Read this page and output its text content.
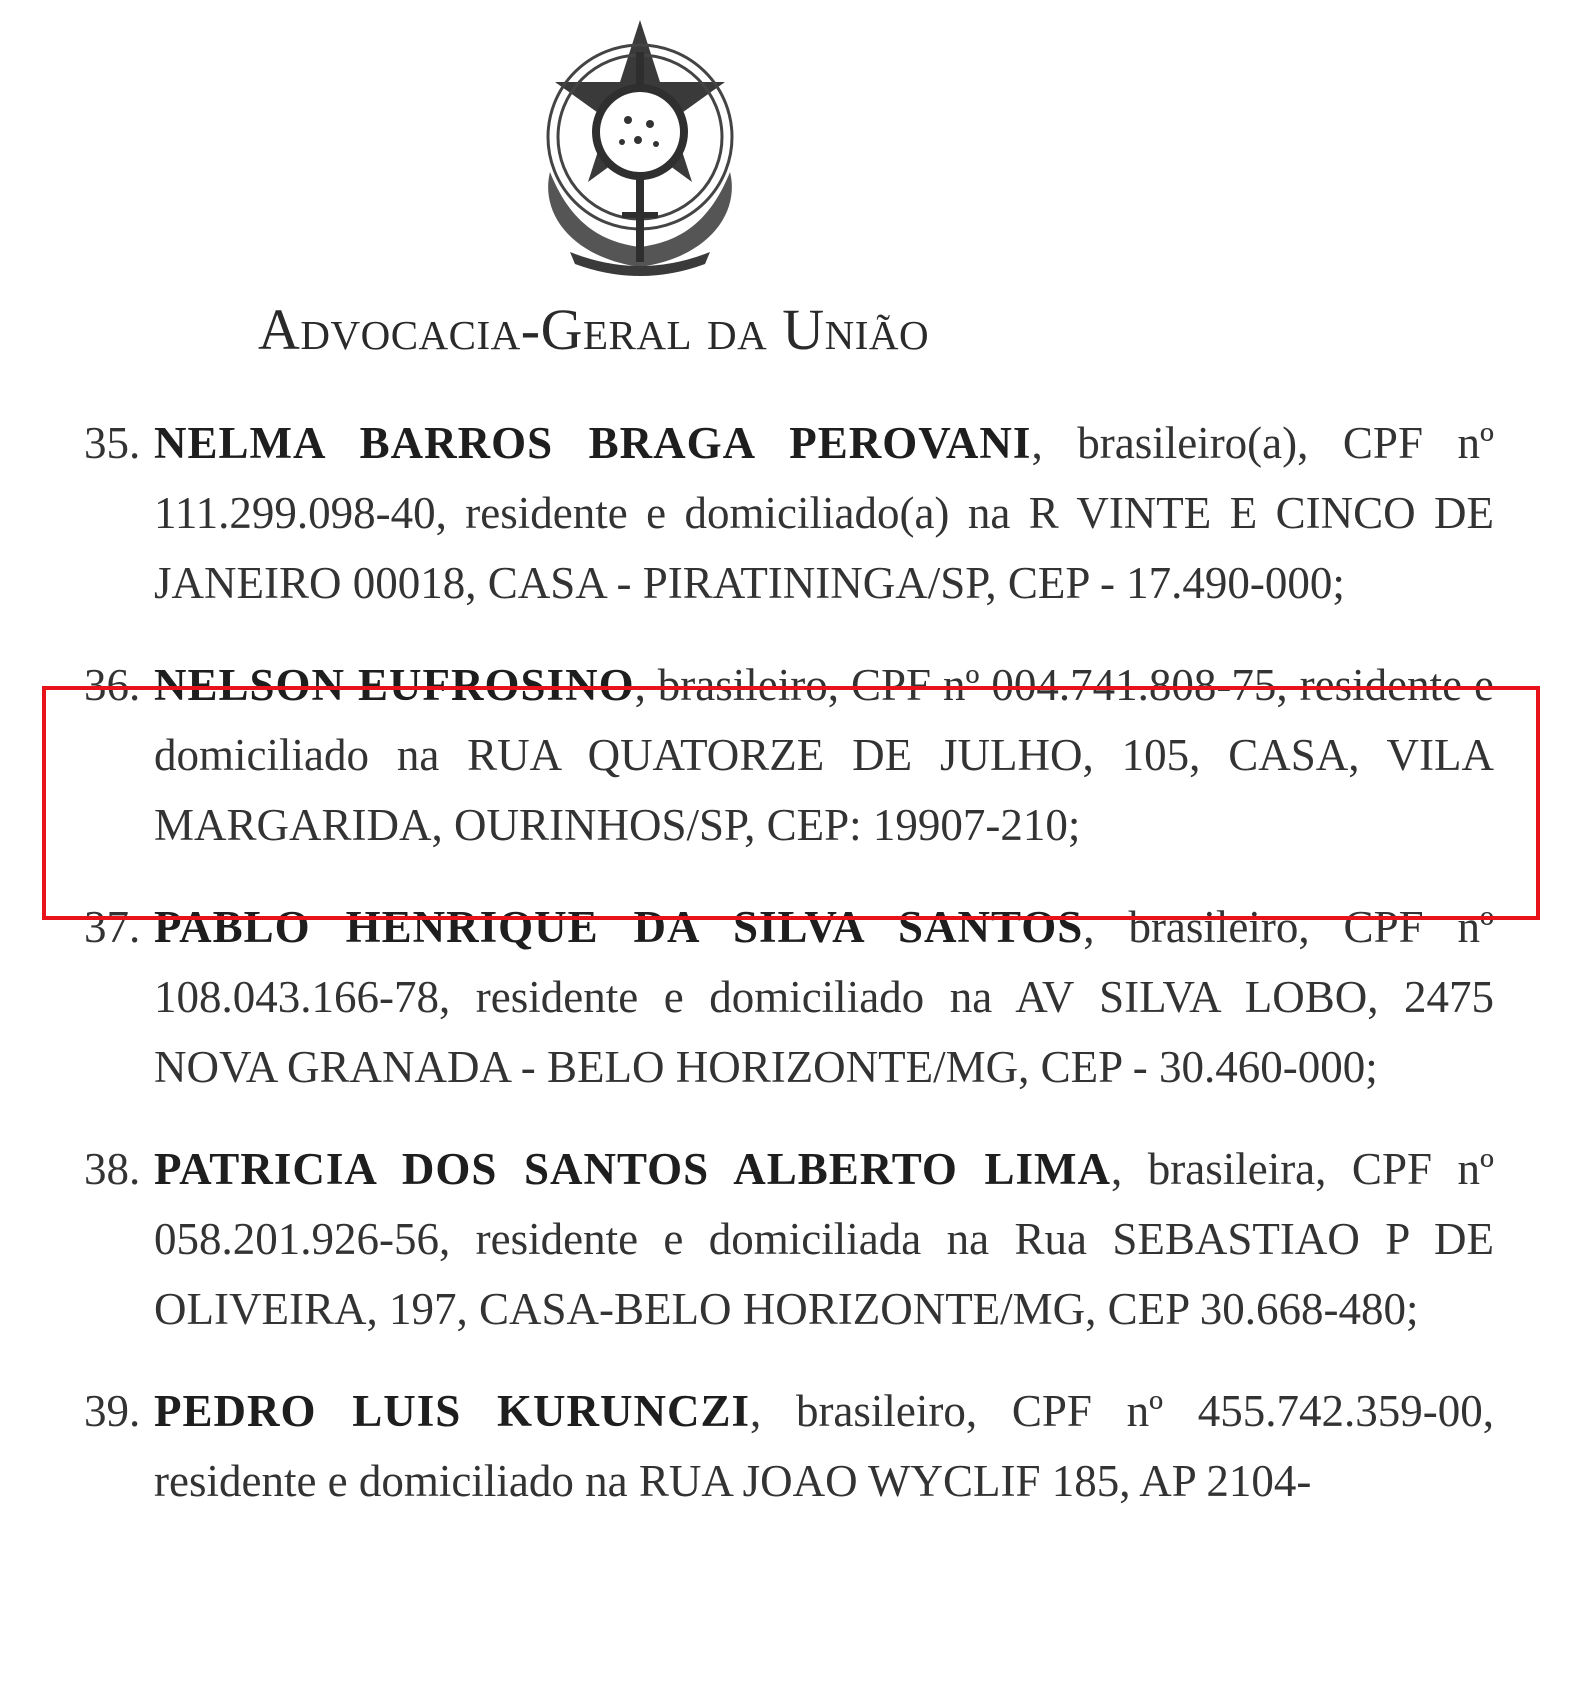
Advocacia-Geral da União
35. NELMA BARROS BRAGA PEROVANI, brasileiro(a), CPF nº 111.299.098-40, residente e domiciliado(a) na R VINTE E CINCO DE JANEIRO 00018, CASA - PIRATININGA/SP, CEP - 17.490-000;
36. NELSON EUFROSINO, brasileiro, CPF nº 004.741.808-75, residente e domiciliado na RUA QUATORZE DE JULHO, 105, CASA, VILA MARGARIDA, OURINHOS/SP, CEP: 19907-210;
37. PABLO HENRIQUE DA SILVA SANTOS, brasileiro, CPF nº 108.043.166-78, residente e domiciliado na AV SILVA LOBO, 2475 NOVA GRANADA - BELO HORIZONTE/MG, CEP - 30.460-000;
38. PATRICIA DOS SANTOS ALBERTO LIMA, brasileira, CPF nº 058.201.926-56, residente e domiciliada na Rua SEBASTIAO P DE OLIVEIRA, 197, CASA-BELO HORIZONTE/MG, CEP 30.668-480;
39. PEDRO LUIS KURUNCZI, brasileiro, CPF nº 455.742.359-00, residente e domiciliado na RUA JOAO WYCLIF 185, AP 2104-
